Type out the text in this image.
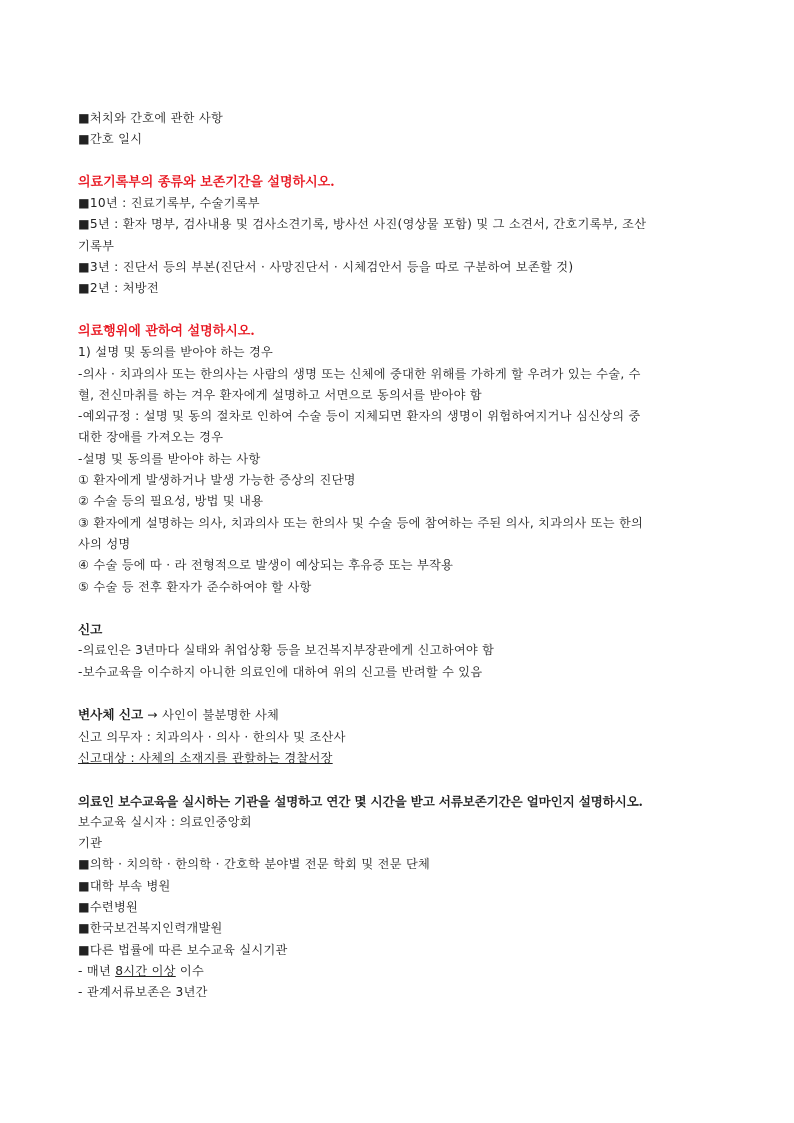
■처치와 간호에 관한 사항
■간호 일시
의료기록부의 종류와 보존기간을 설명하시오.
■10년 : 진료기록부, 수술기록부
■5년 : 환자 명부, 검사내용 및 검사소견기록, 방사선 사진(영상물 포함) 및 그 소견서, 간호기록부, 조산
기록부
■3년 : 진단서 등의 부본(진단서 · 사망진단서 · 시체검안서 등을 따로 구분하여 보존할 것)
■2년 : 처방전
의료행위에 관하여 설명하시오.
1) 설명 및 동의를 받아야 하는 경우
-의사 · 치과의사 또는 한의사는 사람의 생명 또는 신체에 중대한 위해를 가하게 할 우려가 있는 수술, 수
혈, 전신마취를 하는 겨우 환자에게 설명하고 서면으로 동의서를 받아야 함
-예외규정 : 설명 및 동의 절차로 인하여 수술 등이 지체되면 환자의 생명이 위험하여지거나 심신상의 중
대한 장애를 가져오는 경우
-설명 및 동의를 받아야 하는 사항
① 환자에게 발생하거나 발생 가능한 증상의 진단명
② 수술 등의 필요성, 방법 및 내용
③ 환자에게 설명하는 의사, 치과의사 또는 한의사 및 수술 등에 참여하는 주된 의사, 치과의사 또는 한의
사의 성명
④ 수술 등에 따 · 라 전형적으로 발생이 예상되는 후유증 또는 부작용
⑤ 수술 등 전후 환자가 준수하여야 할 사항
신고
-의료인은 3년마다 실태와 취업상황 등을 보건복지부장관에게 신고하여야 함
-보수교육을 이수하지 아니한 의료인에 대하여 위의 신고를 반려할 수 있음
변사체 신고 → 사인이 불분명한 사체
신고 의무자 : 치과의사 · 의사 · 한의사 및 조산사
신고대상 : 사체의 소재지를 관할하는 경찰서장
의료인 보수교육을 실시하는 기관을 설명하고 연간 몇 시간을 받고 서류보존기간은 얼마인지 설명하시오.
보수교육 실시자 : 의료인중앙회
기관
■의학 · 치의학 · 한의학 · 간호학 분야별 전문 학회 및 전문 단체
■대학 부속 병원
■수련병원
■한국보건복지인력개발원
■다른 법률에 따른 보수교육 실시기관
- 매년 8시간 이상 이수
- 관계서류보존은 3년간
